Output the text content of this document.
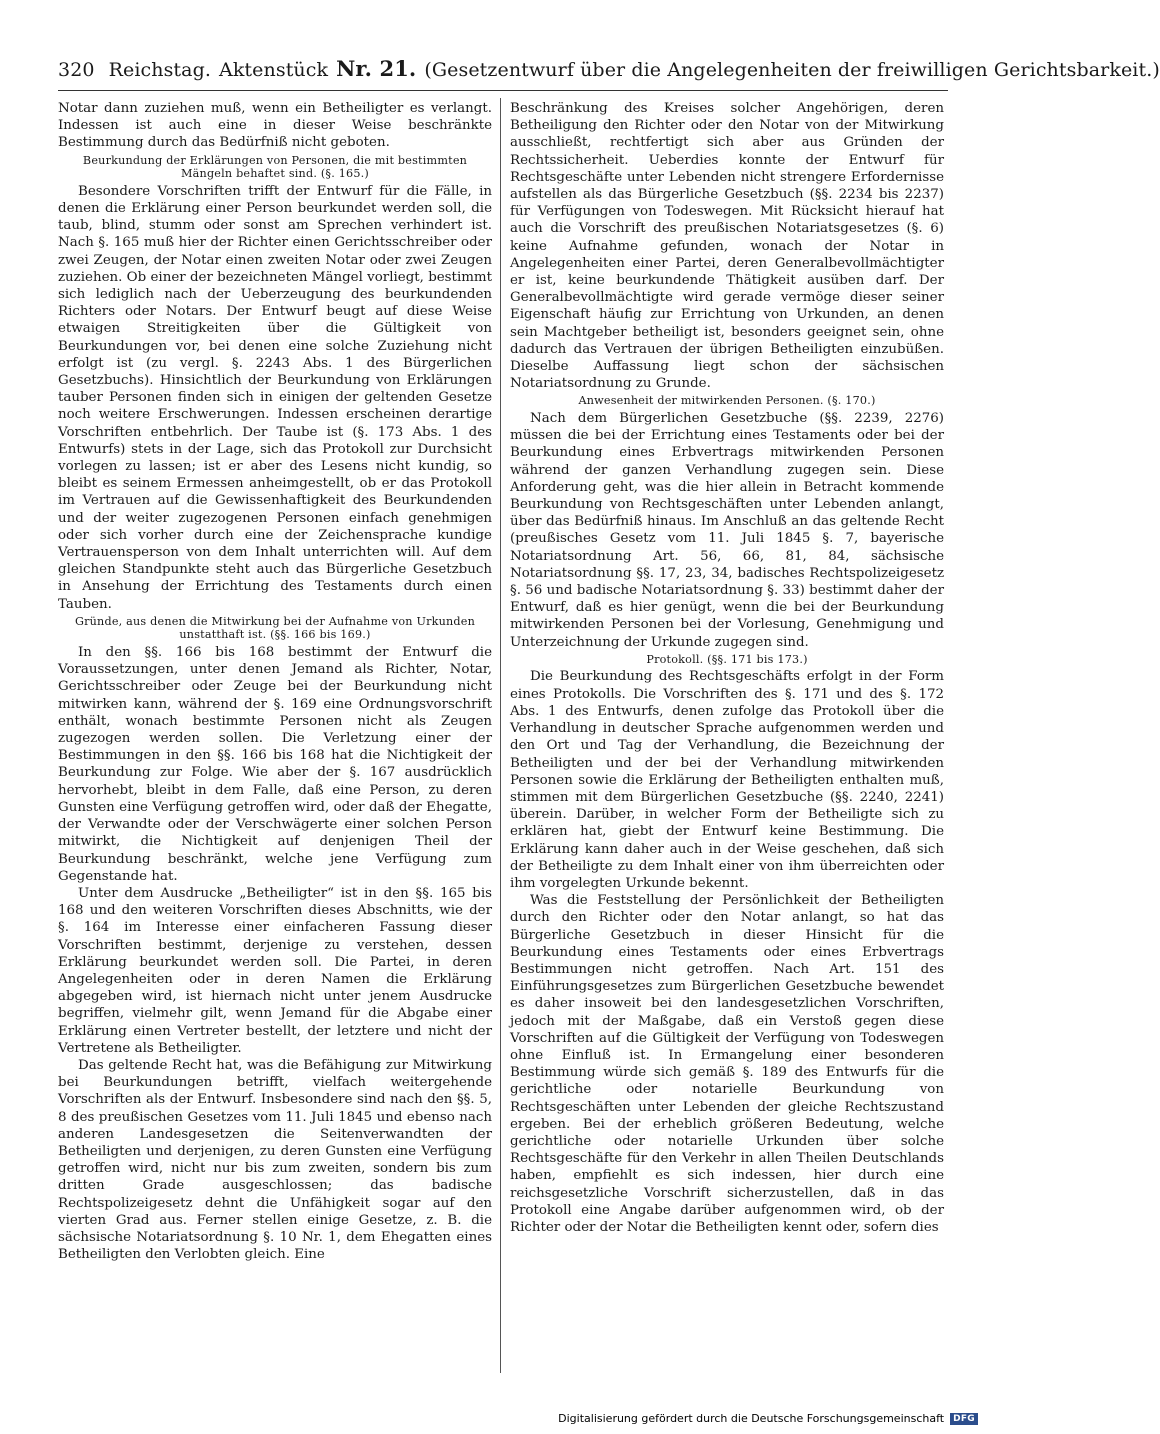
320 Reichstag. Aktenstück Nr. 21. (Gesetzentwurf über die Angelegenheiten der freiwilligen Gerichtsbarkeit.)

Notar dann zuziehen muß, wenn ein Betheiligter es verlangt. Indessen ist auch eine in dieser Weise beschränkte Bestimmung durch das Bedürfniß nicht geboten.

Beurkundung der Erklärungen von Personen, die mit bestimmten Mängeln behaftet sind. (§. 165.)

Besondere Vorschriften trifft der Entwurf für die Fälle, in denen die Erklärung einer Person beurkundet werden soll, die taub, blind, stumm oder sonst am Sprechen verhindert ist. Nach §. 165 muß hier der Richter einen Gerichtsschreiber oder zwei Zeugen, der Notar einen zweiten Notar oder zwei Zeugen zuziehen. Ob einer der bezeichneten Mängel vorliegt, bestimmt sich lediglich nach der Ueberzeugung des beurkundenden Richters oder Notars. Der Entwurf beugt auf diese Weise etwaigen Streitigkeiten über die Gültigkeit von Beurkundungen vor, bei denen eine solche Zuziehung nicht erfolgt ist (zu vergl. §. 2243 Abs. 1 des Bürgerlichen Gesetzbuchs). Hinsichtlich der Beurkundung von Erklärungen tauber Personen finden sich in einigen der geltenden Gesetze noch weitere Erschwerungen. Indessen erscheinen derartige Vorschriften entbehrlich. Der Taube ist (§. 173 Abs. 1 des Entwurfs) stets in der Lage, sich das Protokoll zur Durchsicht vorlegen zu lassen; ist er aber des Lesens nicht kundig, so bleibt es seinem Ermessen anheimgestellt, ob er das Protokoll im Vertrauen auf die Gewissenhaftigkeit des Beurkundenden und der weiter zugezogenen Personen einfach genehmigen oder sich vorher durch eine der Zeichensprache kundige Vertrauensperson von dem Inhalt unterrichten will. Auf dem gleichen Standpunkte steht auch das Bürgerliche Gesetzbuch in Ansehung der Errichtung des Testaments durch einen Tauben.

Gründe, aus denen die Mitwirkung bei der Aufnahme von Urkunden unstatthaft ist. (§§. 166 bis 169.)

In den §§. 166 bis 168 bestimmt der Entwurf die Voraussetzungen, unter denen Jemand als Richter, Notar, Gerichtsschreiber oder Zeuge bei der Beurkundung nicht mitwirken kann, während der §. 169 eine Ordnungsvorschrift enthält, wonach bestimmte Personen nicht als Zeugen zugezogen werden sollen. Die Verletzung einer der Bestimmungen in den §§. 166 bis 168 hat die Nichtigkeit der Beurkundung zur Folge. Wie aber der §. 167 ausdrücklich hervorhebt, bleibt in dem Falle, daß eine Person, zu deren Gunsten eine Verfügung getroffen wird, oder daß der Ehegatte, der Verwandte oder der Verschwägerte einer solchen Person mitwirkt, die Nichtigkeit auf denjenigen Theil der Beurkundung beschränkt, welche jene Verfügung zum Gegenstande hat.

Unter dem Ausdrucke „Betheiligter“ ist in den §§. 165 bis 168 und den weiteren Vorschriften dieses Abschnitts, wie der §. 164 im Interesse einer einfacheren Fassung dieser Vorschriften bestimmt, derjenige zu verstehen, dessen Erklärung beurkundet werden soll. Die Partei, in deren Angelegenheiten oder in deren Namen die Erklärung abgegeben wird, ist hiernach nicht unter jenem Ausdrucke begriffen, vielmehr gilt, wenn Jemand für die Abgabe einer Erklärung einen Vertreter bestellt, der letztere und nicht der Vertretene als Betheiligter.

Das geltende Recht hat, was die Befähigung zur Mitwirkung bei Beurkundungen betrifft, vielfach weitergehende Vorschriften als der Entwurf. Insbesondere sind nach den §§. 5, 8 des preußischen Gesetzes vom 11. Juli 1845 und ebenso nach anderen Landesgesetzen die Seitenverwandten der Betheiligten und derjenigen, zu deren Gunsten eine Verfügung getroffen wird, nicht nur bis zum zweiten, sondern bis zum dritten Grade ausgeschlossen; das badische Rechtspolizeigesetz dehnt die Unfähigkeit sogar auf den vierten Grad aus. Ferner stellen einige Gesetze, z. B. die sächsische Notariatsordnung §. 10 Nr. 1, dem Ehegatten eines Betheiligten den Verlobten gleich. Eine

Beschränkung des Kreises solcher Angehörigen, deren Betheiligung den Richter oder den Notar von der Mitwirkung ausschließt, rechtfertigt sich aber aus Gründen der Rechtssicherheit. Ueberdies konnte der Entwurf für Rechtsgeschäfte unter Lebenden nicht strengere Erfordernisse aufstellen als das Bürgerliche Gesetzbuch (§§. 2234 bis 2237) für Verfügungen von Todeswegen. Mit Rücksicht hierauf hat auch die Vorschrift des preußischen Notariatsgesetzes (§. 6) keine Aufnahme gefunden, wonach der Notar in Angelegenheiten einer Partei, deren Generalbevollmächtigter er ist, keine beurkundende Thätigkeit ausüben darf. Der Generalbevollmächtigte wird gerade vermöge dieser seiner Eigenschaft häufig zur Errichtung von Urkunden, an denen sein Machtgeber betheiligt ist, besonders geeignet sein, ohne dadurch das Vertrauen der übrigen Betheiligten einzubüßen. Dieselbe Auffassung liegt schon der sächsischen Notariatsordnung zu Grunde.

Anwesenheit der mitwirkenden Personen. (§. 170.)

Nach dem Bürgerlichen Gesetzbuche (§§. 2239, 2276) müssen die bei der Errichtung eines Testaments oder bei der Beurkundung eines Erbvertrags mitwirkenden Personen während der ganzen Verhandlung zugegen sein. Diese Anforderung geht, was die hier allein in Betracht kommende Beurkundung von Rechtsgeschäften unter Lebenden anlangt, über das Bedürfniß hinaus. Im Anschluß an das geltende Recht (preußisches Gesetz vom 11. Juli 1845 §. 7, bayerische Notariatsordnung Art. 56, 66, 81, 84, sächsische Notariatsordnung §§. 17, 23, 34, badisches Rechtspolizeigesetz §. 56 und badische Notariatsordnung §. 33) bestimmt daher der Entwurf, daß es hier genügt, wenn die bei der Beurkundung mitwirkenden Personen bei der Vorlesung, Genehmigung und Unterzeichnung der Urkunde zugegen sind.

Protokoll. (§§. 171 bis 173.)

Die Beurkundung des Rechtsgeschäfts erfolgt in der Form eines Protokolls. Die Vorschriften des §. 171 und des §. 172 Abs. 1 des Entwurfs, denen zufolge das Protokoll über die Verhandlung in deutscher Sprache aufgenommen werden und den Ort und Tag der Verhandlung, die Bezeichnung der Betheiligten und der bei der Verhandlung mitwirkenden Personen sowie die Erklärung der Betheiligten enthalten muß, stimmen mit dem Bürgerlichen Gesetzbuche (§§. 2240, 2241) überein. Darüber, in welcher Form der Betheiligte sich zu erklären hat, giebt der Entwurf keine Bestimmung. Die Erklärung kann daher auch in der Weise geschehen, daß sich der Betheiligte zu dem Inhalt einer von ihm überreichten oder ihm vorgelegten Urkunde bekennt.

Was die Feststellung der Persönlichkeit der Betheiligten durch den Richter oder den Notar anlangt, so hat das Bürgerliche Gesetzbuch in dieser Hinsicht für die Beurkundung eines Testaments oder eines Erbvertrags Bestimmungen nicht getroffen. Nach Art. 151 des Einführungsgesetzes zum Bürgerlichen Gesetzbuche bewendet es daher insoweit bei den landesgesetzlichen Vorschriften, jedoch mit der Maßgabe, daß ein Verstoß gegen diese Vorschriften auf die Gültigkeit der Verfügung von Todeswegen ohne Einfluß ist. In Ermangelung einer besonderen Bestimmung würde sich gemäß §. 189 des Entwurfs für die gerichtliche oder notarielle Beurkundung von Rechtsgeschäften unter Lebenden der gleiche Rechtszustand ergeben. Bei der erheblich größeren Bedeutung, welche gerichtliche oder notarielle Urkunden über solche Rechtsgeschäfte für den Verkehr in allen Theilen Deutschlands haben, empfiehlt es sich indessen, hier durch eine reichsgesetzliche Vorschrift sicherzustellen, daß in das Protokoll eine Angabe darüber aufgenommen wird, ob der Richter oder der Notar die Betheiligten kennt oder, sofern dies

Digitalisierung gefördert durch die Deutsche Forschungsgemeinschaft	DFG
